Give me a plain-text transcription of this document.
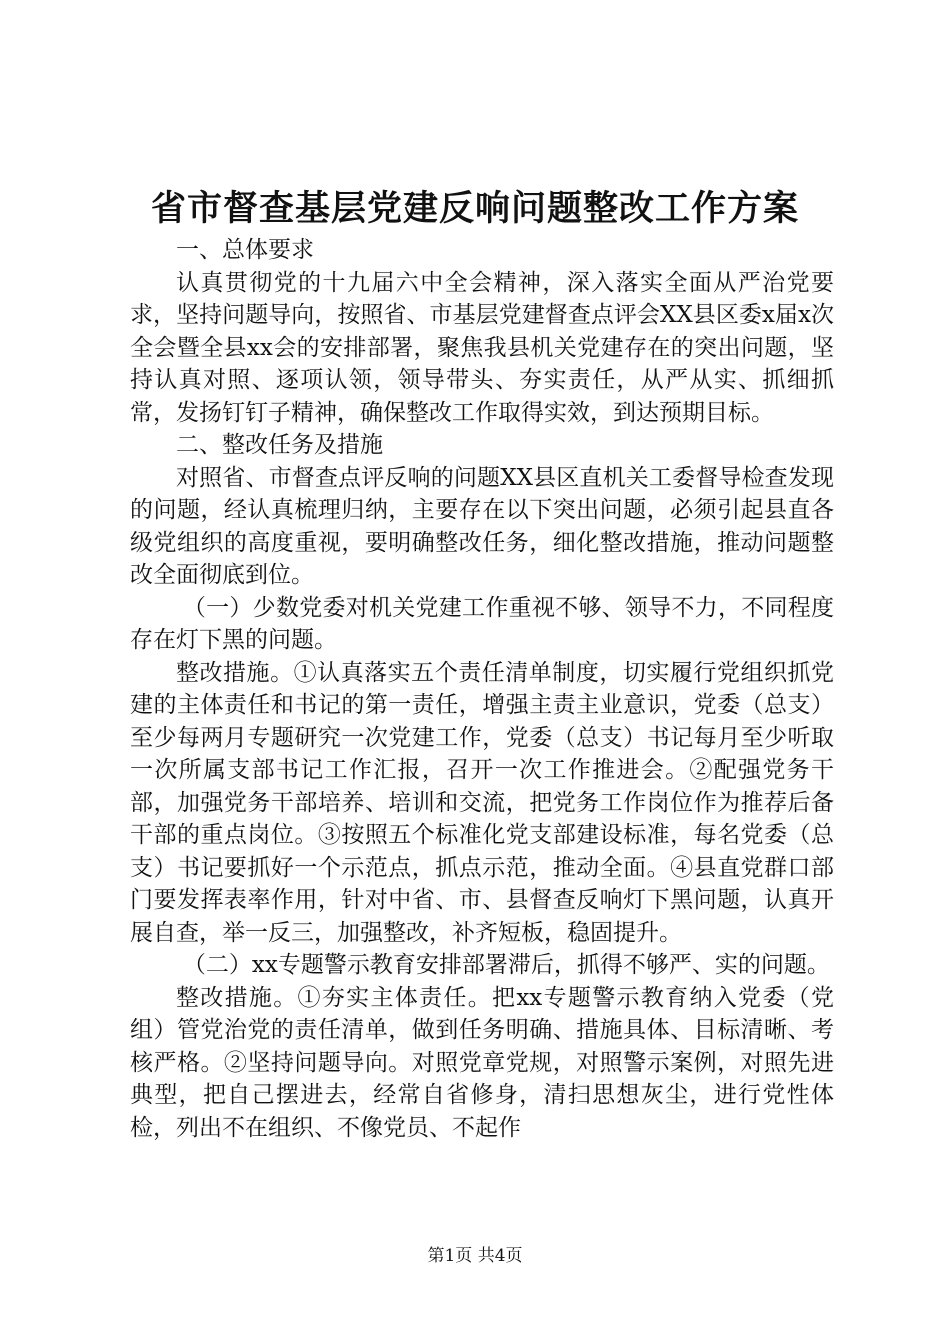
省市督查基层党建反响问题整改工作方案

一、总体要求

认真贯彻党的十九届六中全会精神，深入落实全面从严治党要求，坚持问题导向，按照省、市基层党建督查点评会XX县区委x届x次全会暨全县xx会的安排部署，聚焦我县机关党建存在的突出问题，坚持认真对照、逐项认领，领导带头、夯实责任，从严从实、抓细抓常，发扬钉钉子精神，确保整改工作取得实效，到达预期目标。

二、整改任务及措施

对照省、市督查点评反响的问题XX县区直机关工委督导检查发现的问题，经认真梳理归纳，主要存在以下突出问题，必须引起县直各级党组织的高度重视，要明确整改任务，细化整改措施，推动问题整改全面彻底到位。

（一）少数党委对机关党建工作重视不够、领导不力，不同程度存在灯下黑的问题。

整改措施。①认真落实五个责任清单制度，切实履行党组织抓党建的主体责任和书记的第一责任，增强主责主业意识，党委（总支）至少每两月专题研究一次党建工作，党委（总支）书记每月至少听取一次所属支部书记工作汇报，召开一次工作推进会。②配强党务干部，加强党务干部培养、培训和交流，把党务工作岗位作为推荐后备干部的重点岗位。③按照五个标准化党支部建设标准，每名党委（总支）书记要抓好一个示范点，抓点示范，推动全面。④县直党群口部门要发挥表率作用，针对中省、市、县督查反响灯下黑问题，认真开展自查，举一反三，加强整改，补齐短板，稳固提升。

（二）xx专题警示教育安排部署滞后，抓得不够严、实的问题。

整改措施。①夯实主体责任。把xx专题警示教育纳入党委（党组）管党治党的责任清单，做到任务明确、措施具体、目标清晰、考核严格。②坚持问题导向。对照党章党规，对照警示案例，对照先进典型，把自己摆进去，经常自省修身，清扫思想灰尘，进行党性体检，列出不在组织、不像党员、不起作

第1页 共4页
